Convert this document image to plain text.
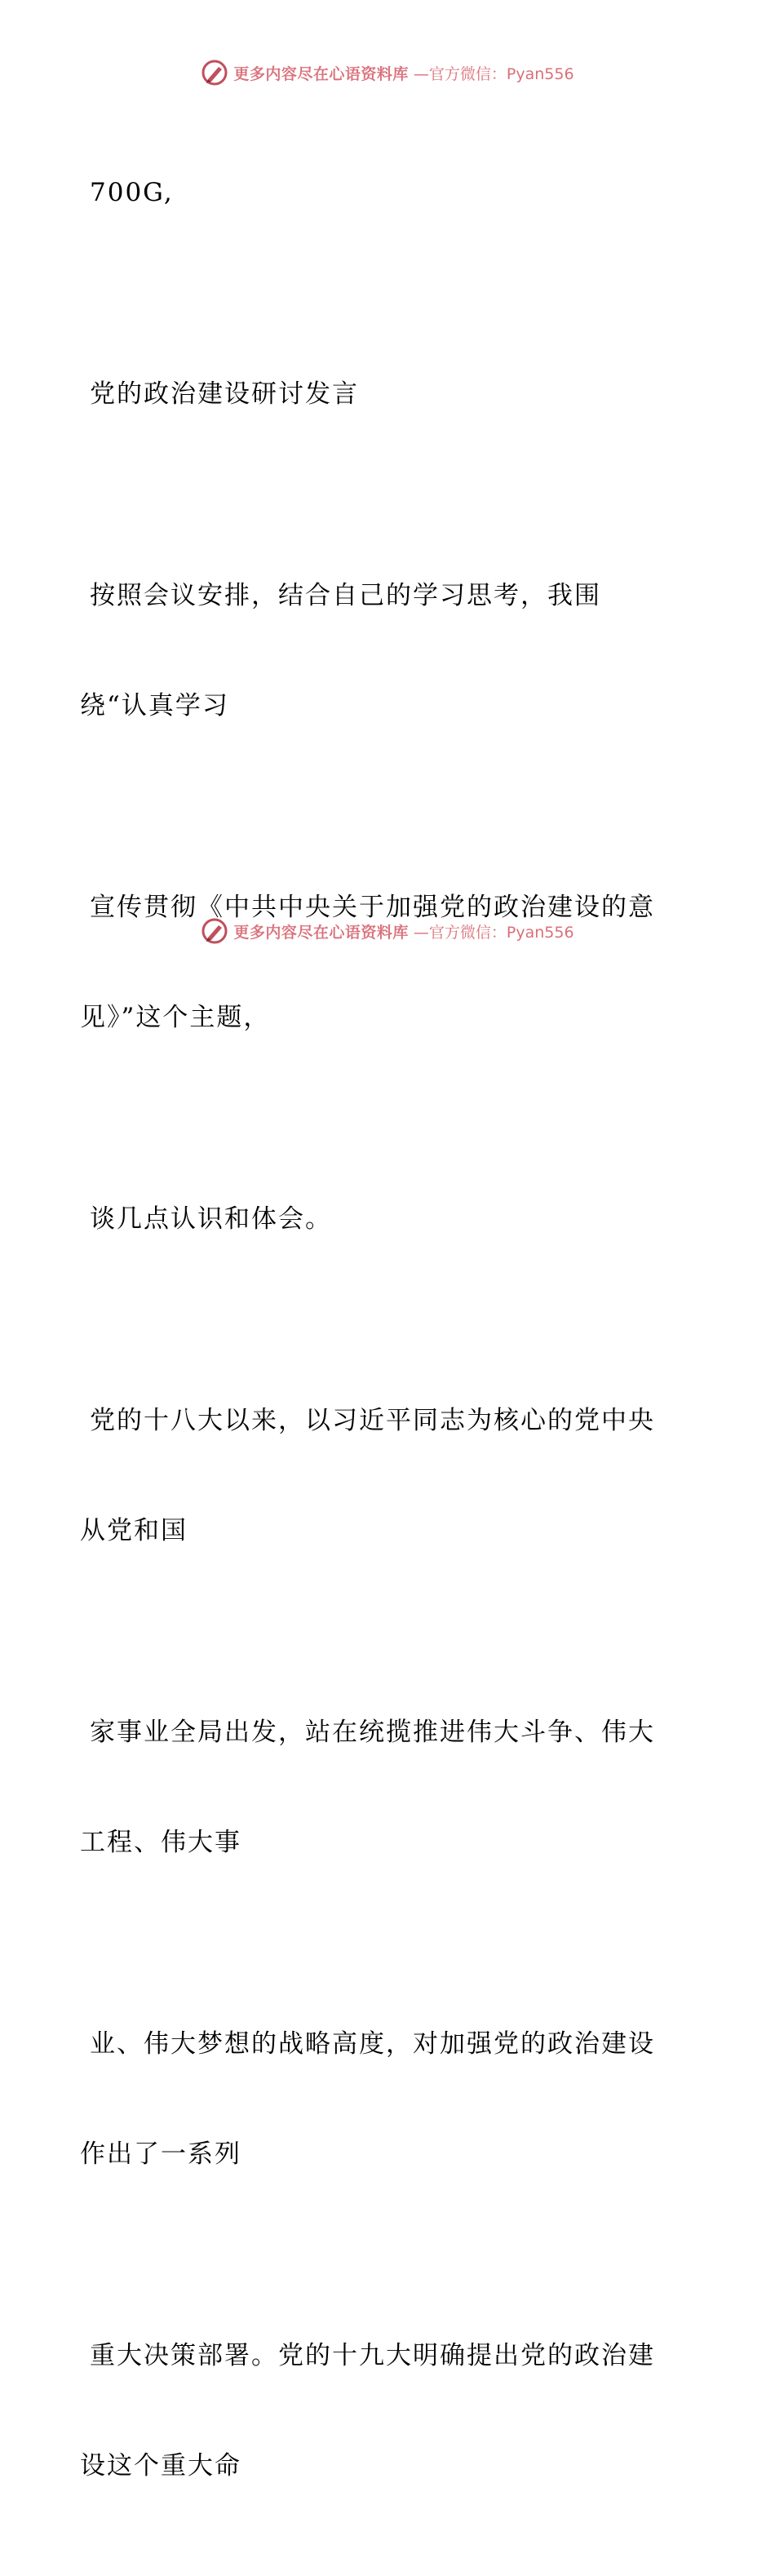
更多内容尽在心语资料库 —官方微信：Pyan556

700G,

党的政治建设研讨发言

按照会议安排，结合自己的学习思考，我围

绕“认真学习

宣传贯彻《中共中央关于加强党的政治建设的意

见》”这个主题，

谈几点认识和体会。

党的十八大以来，以习近平同志为核心的党中央

从党和国

家事业全局出发，站在统揽推进伟大斗争、伟大

工程、伟大事

业、伟大梦想的战略高度，对加强党的政治建设

作出了一系列

重大决策部署。党的十九大明确提出党的政治建

设这个重大命

更多内容尽在心语资料库 —官方微信：Pyan556
